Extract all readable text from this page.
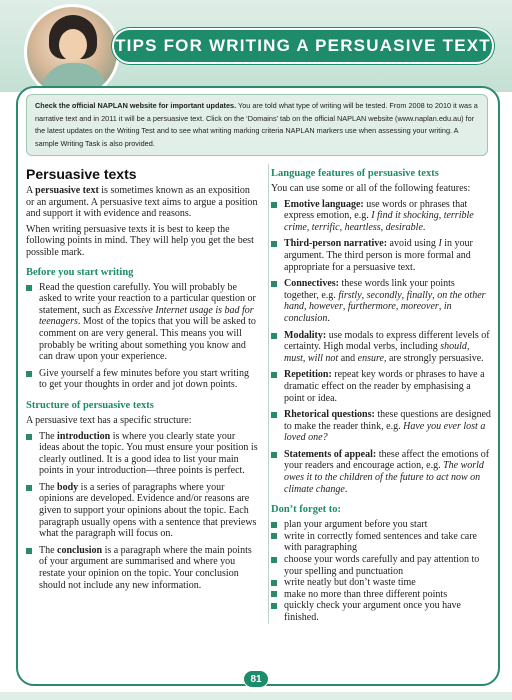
TIPS FOR WRITING A PERSUASIVE TEXT
Check the official NAPLAN website for important updates. You are told what type of writing will be tested. From 2008 to 2010 it was a narrative text and in 2011 it will be a persuasive text. Click on the ‘Domains’ tab on the official NAPLAN website (www.naplan.edu.au) for the latest updates on the Writing Test and to see what writing marking criteria NAPLAN markers use when assessing your writing. A sample Writing Task is also provided.
Persuasive texts

A persuasive text is sometimes known as an exposition or an argument. A persuasive text aims to argue a position and support it with evidence and reasons.

When writing persuasive texts it is best to keep the following points in mind. They will help you get the best possible mark.

Before you start writing
Read the question carefully. You will probably be asked to write your reaction to a particular question or statement, such as Excessive Internet usage is bad for teenagers. Most of the topics that you will be asked to comment on are very general. This means you will probably be writing about something you know and can draw upon your experience.
Give yourself a few minutes before you start writing to get your thoughts in order and jot down points.
Structure of persuasive texts

A persuasive text has a specific structure:

The introduction is where you clearly state your ideas about the topic. You must ensure your position is clearly outlined. It is a good idea to list your main points in your introduction—three points is perfect.
The body is a series of paragraphs where your opinions are developed. Evidence and/or reasons are given to support your opinions about the topic. Each paragraph usually opens with a sentence that previews what the paragraph will focus on.
The conclusion is a paragraph where the main points of your argument are summarised and where you restate your opinion on the topic. Your conclusion should not include any new information.
Language features of persuasive texts

You can use some or all of the following features:

Emotive language: use words or phrases that express emotion, e.g. I find it shocking, terrible crime, terrific, heartless, desirable.
Third-person narrative: avoid using I in your argument. The third person is more formal and appropriate for a persuasive text.
Connectives: these words link your points together, e.g. firstly, secondly, finally, on the other hand, however, furthermore, moreover, in conclusion.
Modality: use modals to express different levels of certainty. High modal verbs, including should, must, will not and ensure, are strongly persuasive.
Repetition: repeat key words or phrases to have a dramatic effect on the reader by emphasising a point or idea.
Rhetorical questions: these questions are designed to make the reader think, e.g. Have you ever lost a loved one?
Statements of appeal: these affect the emotions of your readers and encourage action, e.g. The world owes it to the children of the future to act now on climate change.
Don’t forget to:
plan your argument before you start
write in correctly fomed sentences and take care with paragraphing
choose your words carefully and pay attention to your spelling and punctuation
write neatly but don’t waste time
make no more than three different points
quickly check your argument once you have finished.
81
